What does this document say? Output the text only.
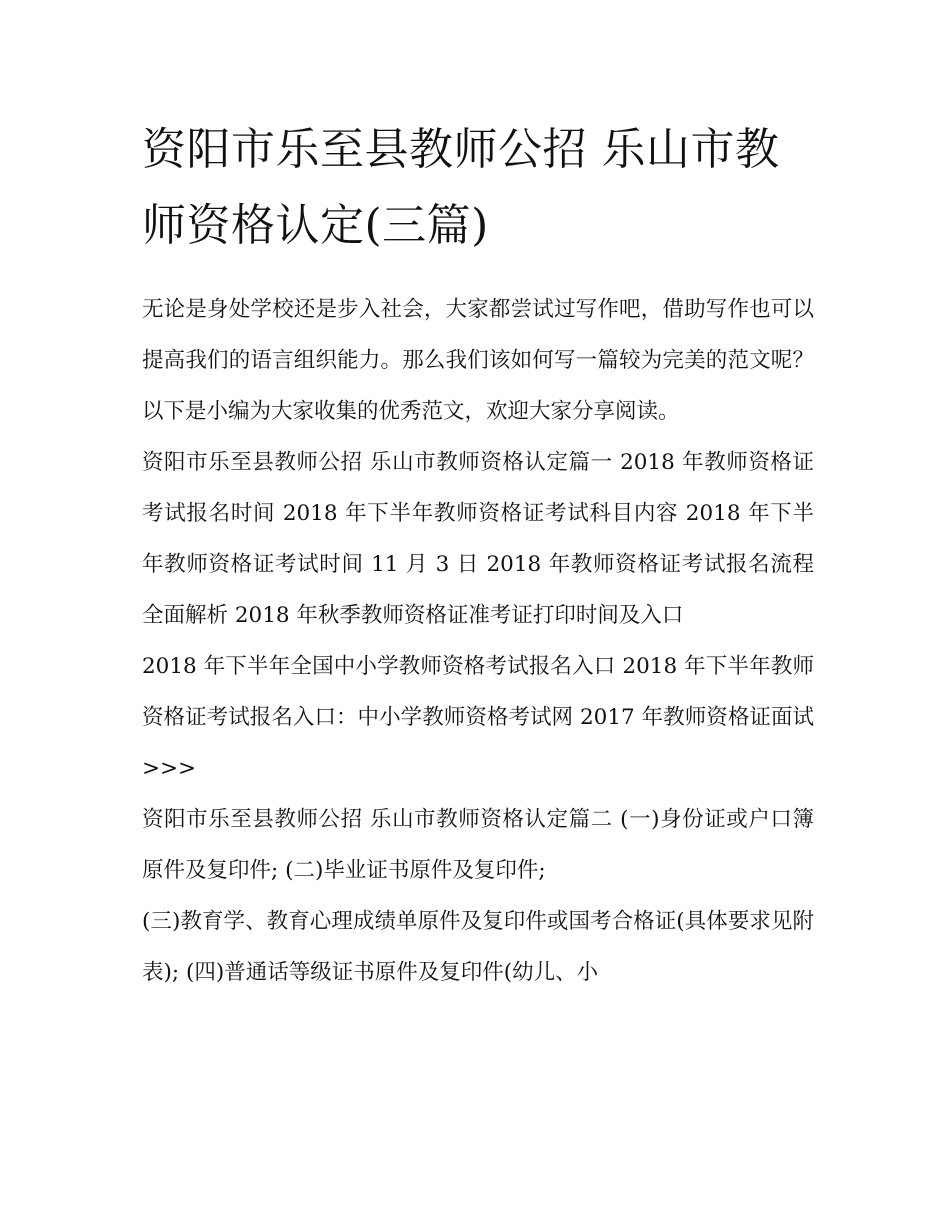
资阳市乐至县教师公招 乐山市教师资格认定(三篇)

无论是身处学校还是步入社会，大家都尝试过写作吧，借助写作也可以提高我们的语言组织能力。那么我们该如何写一篇较为完美的范文呢？以下是小编为大家收集的优秀范文，欢迎大家分享阅读。

资阳市乐至县教师公招 乐山市教师资格认定篇一 2018 年教师资格证考试报名时间 2018 年下半年教师资格证考试科目内容 2018 年下半年教师资格证考试时间 11 月 3 日 2018 年教师资格证考试报名流程全面解析 2018 年秋季教师资格证准考证打印时间及入口

2018 年下半年全国中小学教师资格考试报名入口 2018 年下半年教师资格证考试报名入口：中小学教师资格考试网 2017 年教师资格证面试>>>

资阳市乐至县教师公招 乐山市教师资格认定篇二 (一)身份证或户口簿原件及复印件; (二)毕业证书原件及复印件;

(三)教育学、教育心理成绩单原件及复印件或国考合格证(具体要求见附表); (四)普通话等级证书原件及复印件(幼儿、小
